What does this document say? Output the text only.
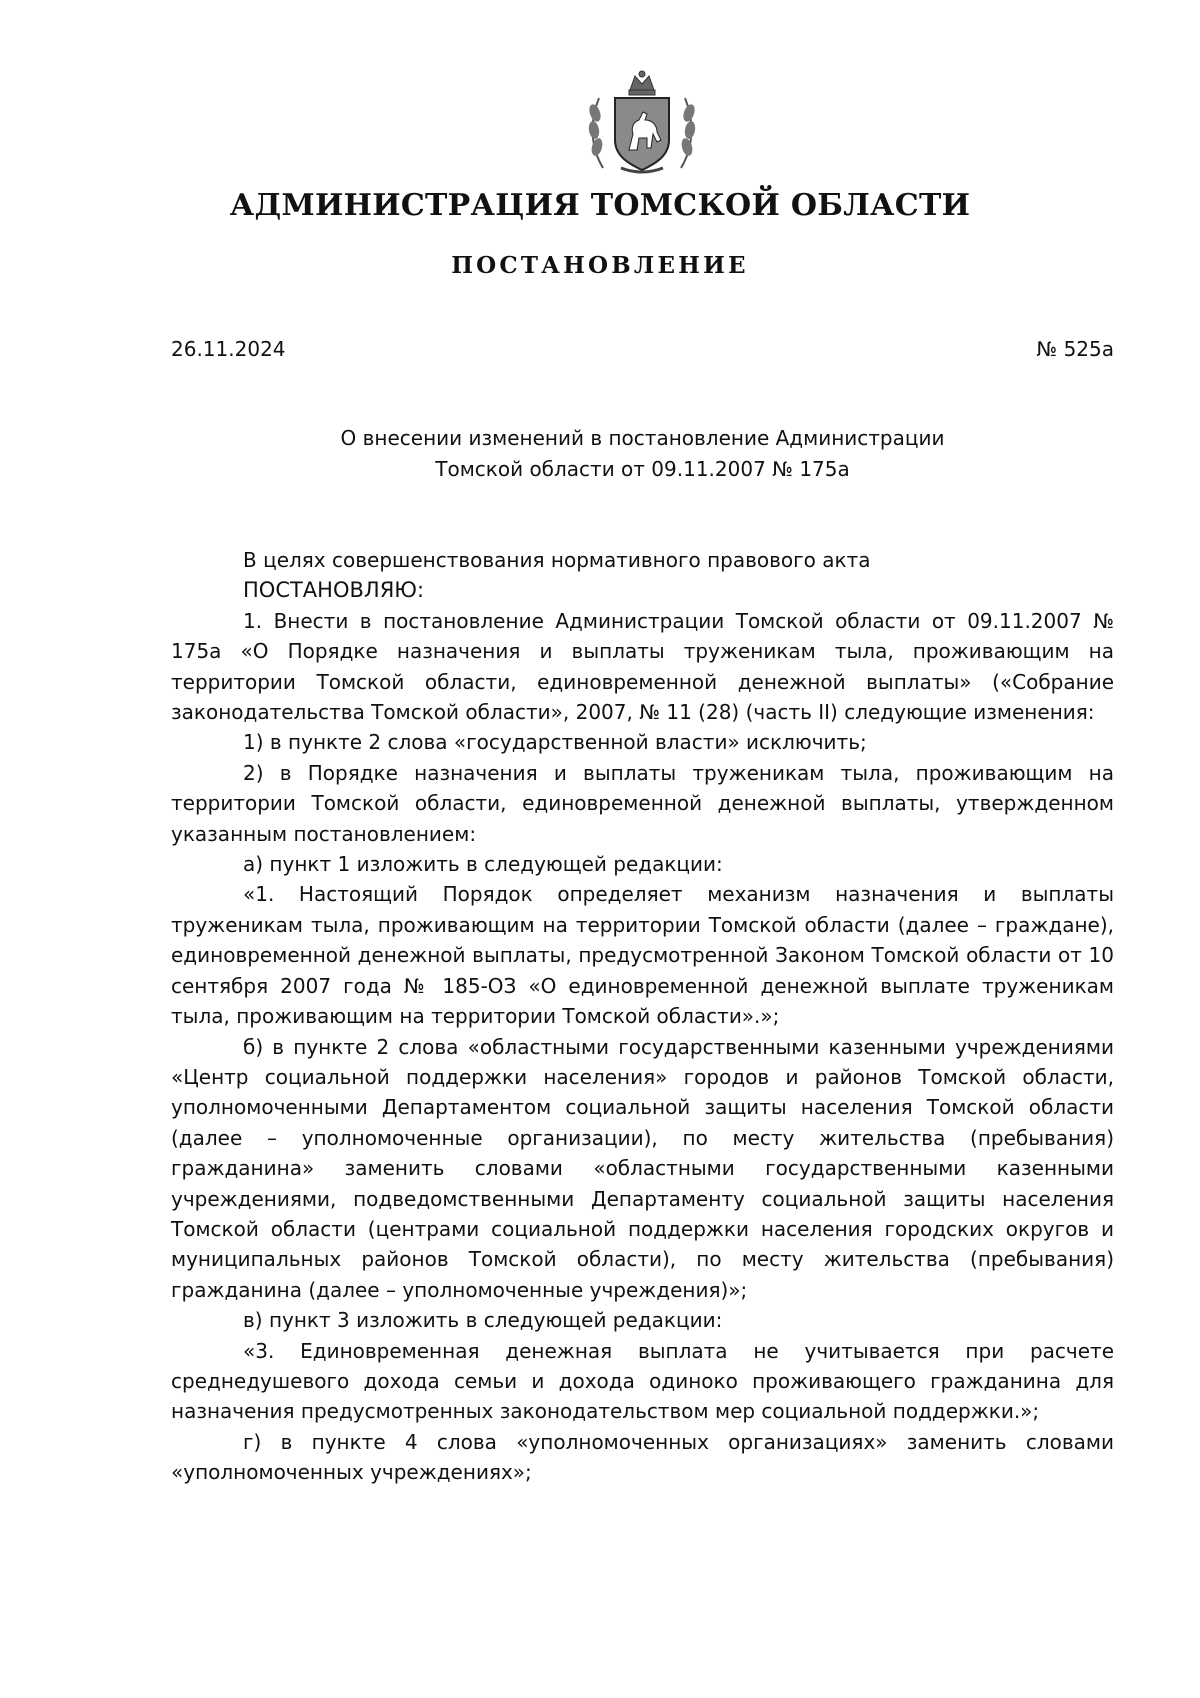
АДМИНИСТРАЦИЯ ТОМСКОЙ ОБЛАСТИ
ПОСТАНОВЛЕНИЕ
26.11.2024	№ 525а
О внесении изменений в постановление Администрации
Томской области от 09.11.2007 № 175а

В целях совершенствования нормативного правового акта

ПОСТАНОВЛЯЮ:

1. Внести в постановление Администрации Томской области от 09.11.2007 № 175а «О Порядке назначения и выплаты труженикам тыла, проживающим на территории Томской области, единовременной денежной выплаты» («Собрание законодательства Томской области», 2007, № 11 (28) (часть II) следующие изменения:

1) в пункте 2 слова «государственной власти» исключить;

2) в Порядке назначения и выплаты труженикам тыла, проживающим на территории Томской области, единовременной денежной выплаты, утвержденном указанным постановлением:

а) пункт 1 изложить в следующей редакции:

«1. Настоящий Порядок определяет механизм назначения и выплаты труженикам тыла, проживающим на территории Томской области (далее – граждане), единовременной денежной выплаты, предусмотренной Законом Томской области от 10 сентября 2007 года № 185-ОЗ «О единовременной денежной выплате труженикам тыла, проживающим на территории Томской области».»;

б) в пункте 2 слова «областными государственными казенными учреждениями «Центр социальной поддержки населения» городов и районов Томской области, уполномоченными Департаментом социальной защиты населения Томской области (далее – уполномоченные организации), по месту жительства (пребывания) гражданина» заменить словами «областными государственными казенными учреждениями, подведомственными Департаменту социальной защиты населения Томской области (центрами социальной поддержки населения городских округов и муниципальных районов Томской области), по месту жительства (пребывания) гражданина (далее – уполномоченные учреждения)»;

в) пункт 3 изложить в следующей редакции:

«3. Единовременная денежная выплата не учитывается при расчете среднедушевого дохода семьи и дохода одиноко проживающего гражданина для назначения предусмотренных законодательством мер социальной поддержки.»;

г) в пункте 4 слова «уполномоченных организациях» заменить словами «уполномоченных учреждениях»;
